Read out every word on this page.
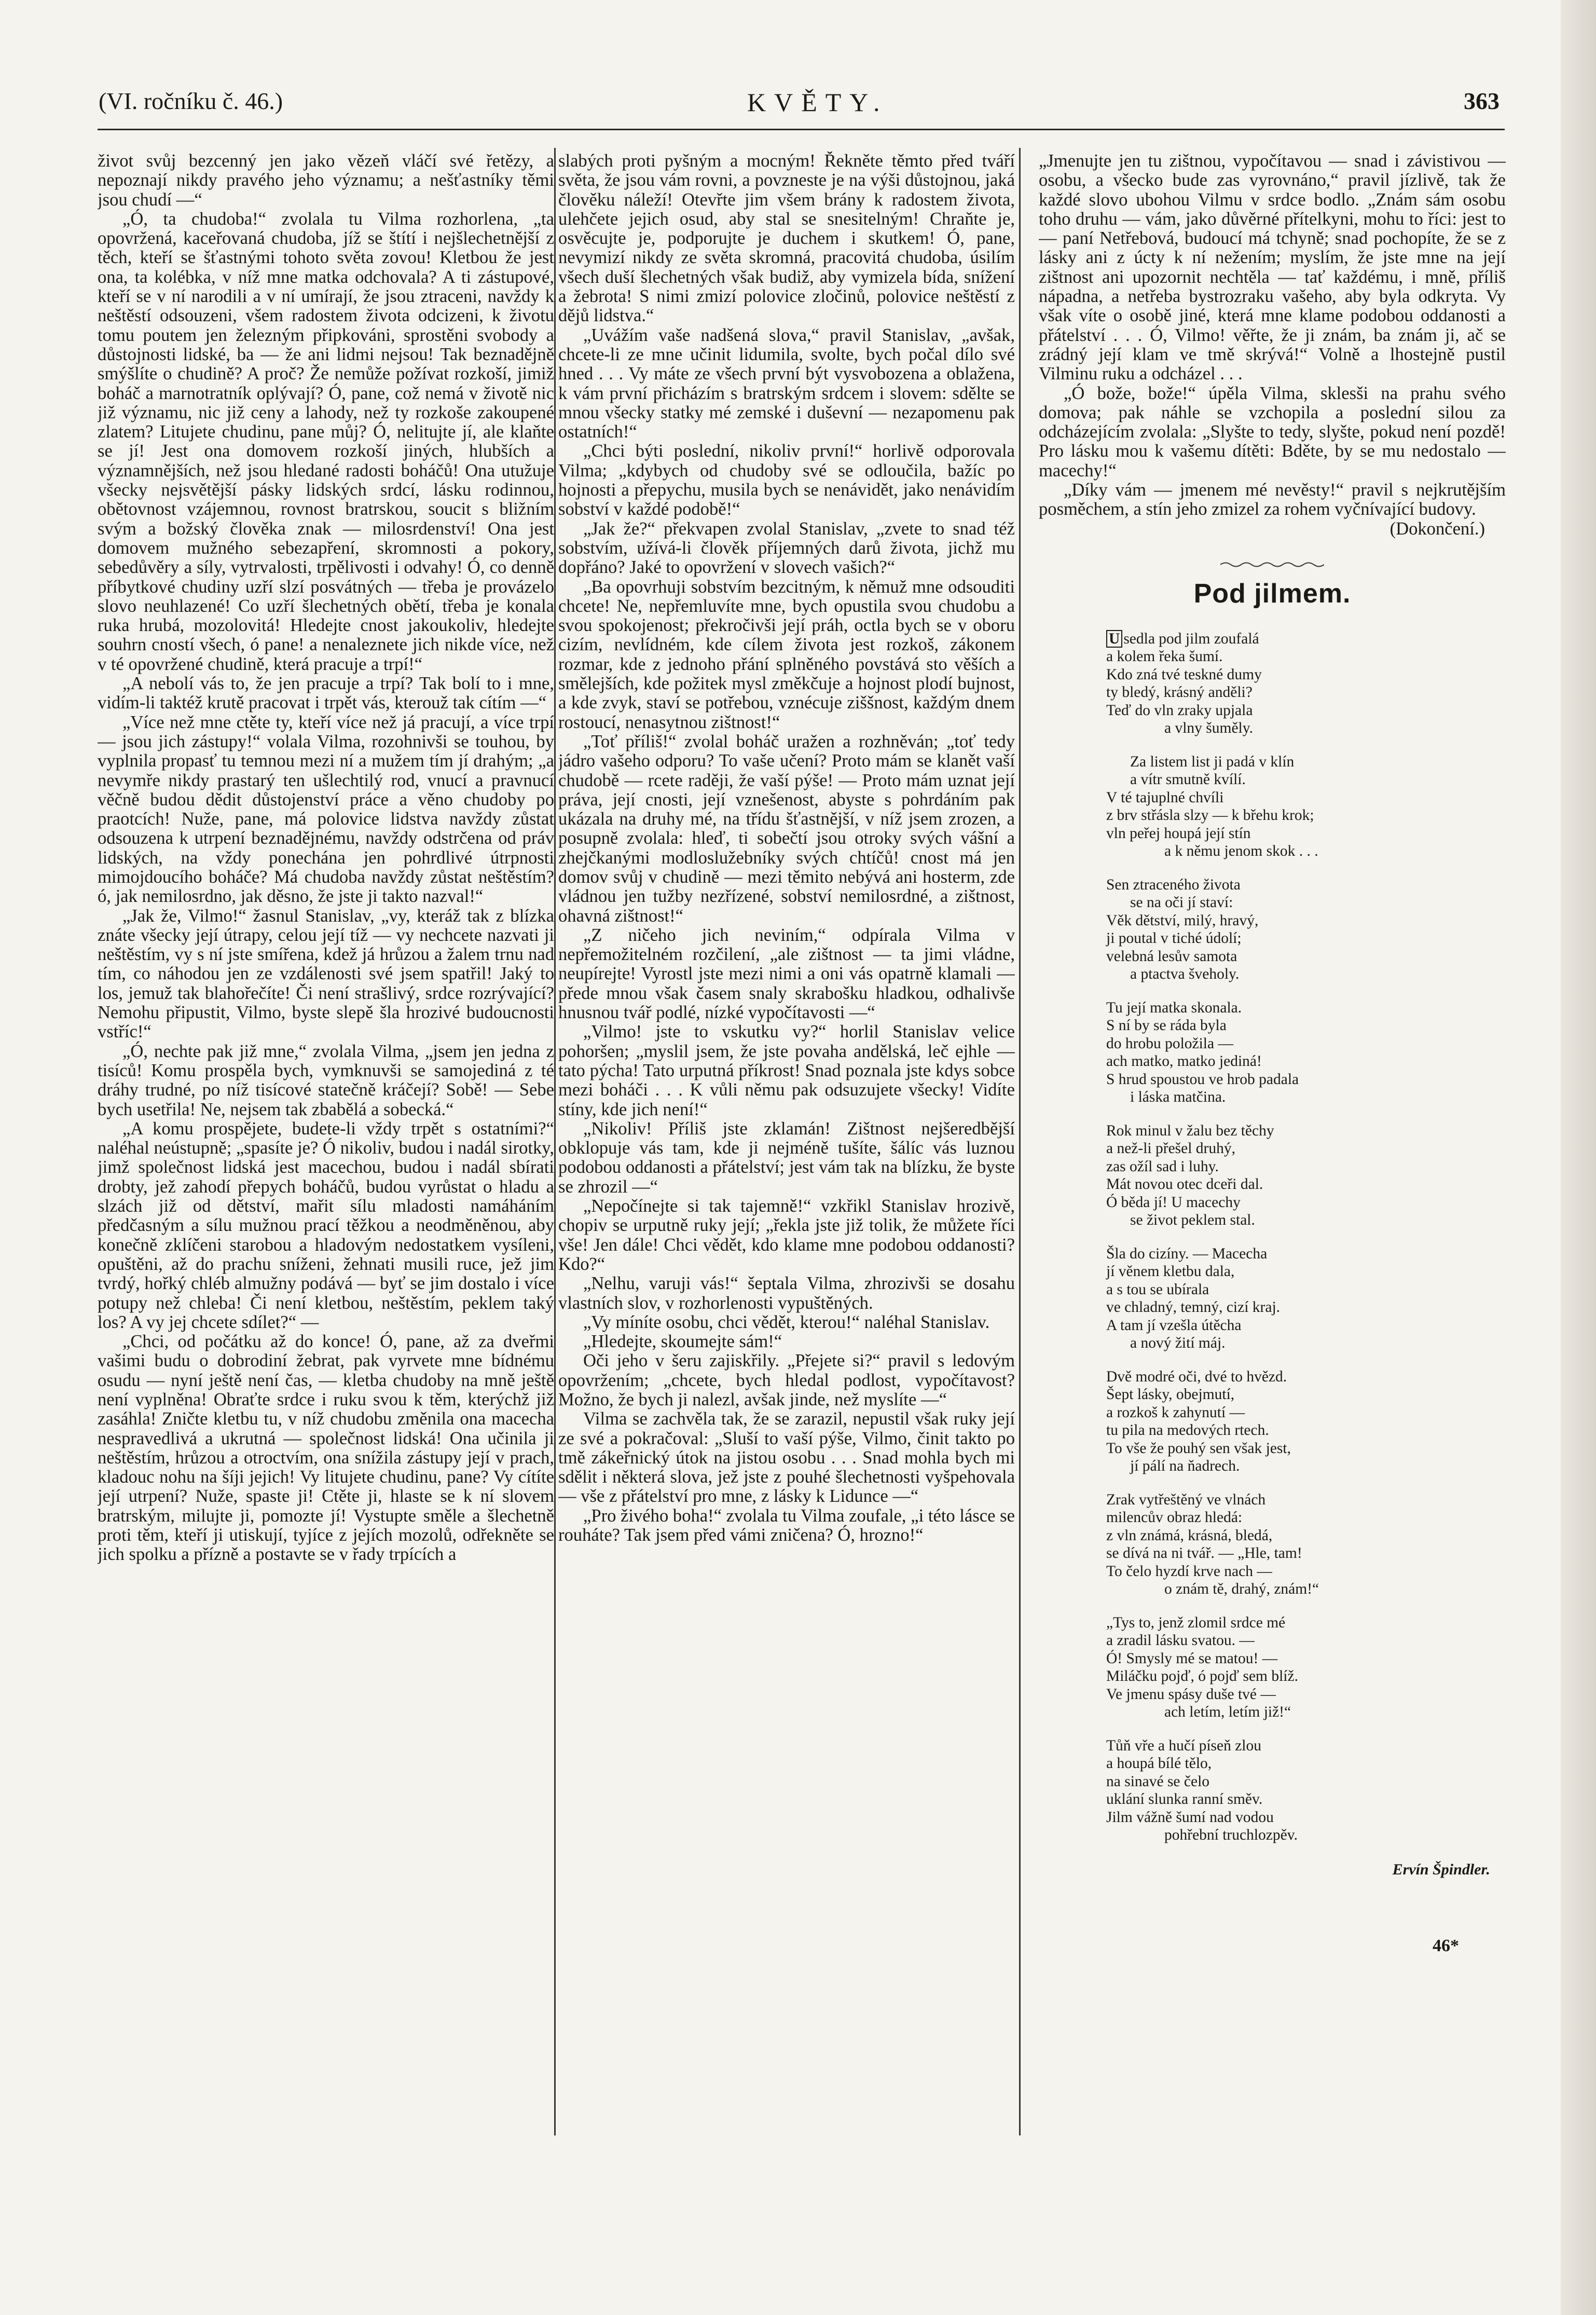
(VI. ročníku č. 46.)	KVĚTY.	363

život svůj bezcenný jen jako vězeň vláčí své řetězy, a nepoznají nikdy pravého jeho významu; a nešťastníky těmi jsou chudí —“

„Ó, ta chudoba!“ zvolala tu Vilma rozhorlena, „ta opovržená, kaceřovaná chudoba, jíž se štítí i nejšlechetnější z těch, kteří se šťastnými tohoto světa zovou! Kletbou že jest ona, ta kolébka, v níž mne matka odchovala? A ti zástupové, kteří se v ní narodili a v ní umírají, že jsou ztraceni, navždy k neštěstí odsouzeni, všem radostem života odcizeni, k životu tomu poutem jen železným připkováni, sprostěni svobody a důstojnosti lidské, ba — že ani lidmi nejsou! Tak beznadějně smýšlíte o chudině? A proč? Že nemůže požívat rozkoší, jimiž boháč a marnotratník oplývají? Ó, pane, což nemá v životě nic již významu, nic již ceny a lahody, než ty rozkoše zakoupené zlatem? Litujete chudinu, pane můj? Ó, nelitujte jí, ale klaňte se jí! Jest ona domovem rozkoší jiných, hlubších a významnějších, než jsou hledané radosti boháčů! Ona utužuje všecky nejsvětější pásky lidských srdcí, lásku rodinnou, obětovnost vzájemnou, rovnost bratrskou, soucit s bližním svým a božský člověka znak — milosrdenství! Ona jest domovem mužného sebezapření, skromnosti a pokory, sebedůvěry a síly, vytrvalosti, trpělivosti i odvahy! Ó, co denně příbytkové chudiny uzří slzí posvátných — třeba je provázelo slovo neuhlazené! Co uzří šlechetných obětí, třeba je konala ruka hrubá, mozolovitá! Hledejte cnost jakoukoliv, hledejte souhrn cností všech, ó pane! a nenaleznete jich nikde více, než v té opovržené chudině, která pracuje a trpí!“

„A nebolí vás to, že jen pracuje a trpí? Tak bolí to i mne, vidím-li taktéž krutě pracovat i trpět vás, kterouž tak cítím —“

„Více než mne ctěte ty, kteří více než já pracují, a více trpí — jsou jich zástupy!“ volala Vilma, rozohnivši se touhou, by vyplnila propasť tu temnou mezi ní a mužem tím jí drahým; „a nevymře nikdy prastarý ten ušlechtilý rod, vnucí a pravnucí věčně budou dědit důstojenství práce a věno chudoby po praotcích! Nuže, pane, má polovice lidstva navždy zůstat odsouzena k utrpení beznadějnému, navždy odstrčena od práv lidských, na vždy ponechána jen pohrdlivé útrpnosti mimojdoucího boháče? Má chudoba navždy zůstat neštěstím? ó, jak nemilosrdno, jak děsno, že jste ji takto nazval!“

„Jak že, Vilmo!“ žasnul Stanislav, „vy, kteráž tak z blízka znáte všecky její útrapy, celou její tíž — vy nechcete nazvati ji neštěstím, vy s ní jste smířena, kdež já hrůzou a žalem trnu nad tím, co náhodou jen ze vzdálenosti své jsem spatřil! Jaký to los, jemuž tak blahořečíte! Či není strašlivý, srdce rozrývající? Nemohu připustit, Vilmo, byste slepě šla hrozivé budoucnosti vstříc!“

„Ó, nechte pak již mne,“ zvolala Vilma, „jsem jen jedna z tisíců! Komu prospěla bych, vymknuvši se samojediná z té dráhy trudné, po níž tisícové statečně kráčejí? Sobě! — Sebe bych usetřila! Ne, nejsem tak zbabělá a sobecká.“

„A komu prospějete, budete-li vždy trpět s ostatními?“ naléhal neústupně; „spasíte je? Ó nikoliv, budou i nadál sirotky, jimž společnost lidská jest macechou, budou i nadál sbírati drobty, jež zahodí přepych boháčů, budou vyrůstat o hladu a slzách již od dětství, mařit sílu mladosti namáháním předčasným a sílu mužnou prací těžkou a neodměněnou, aby konečně zklíčeni starobou a hladovým nedostatkem vysíleni, opuštěni, až do prachu sníženi, žehnati musili ruce, jež jim tvrdý, hořký chléb almužny podává — byť se jim dostalo i více potupy než chleba! Či není kletbou, neštěstím, peklem taký los? A vy jej chcete sdílet?“ —

„Chci, od počátku až do konce! Ó, pane, až za dveřmi vašimi budu o dobrodiní žebrat, pak vyrvete mne bídnému osudu — nyní ještě není čas, — kletba chudoby na mně ještě není vyplněna! Obraťte srdce i ruku svou k těm, kterýchž již zasáhla! Zničte kletbu tu, v níž chudobu změnila ona macecha nespravedlivá a ukrutná — společnost lidská! Ona učinila ji neštěstím, hrůzou a otroctvím, ona snížila zástupy její v prach, kladouc nohu na šíji jejich! Vy litujete chudinu, pane? Vy cítíte její utrpení? Nuže, spaste ji! Ctěte ji, hlaste se k ní slovem bratrským, milujte ji, pomozte jí! Vystupte směle a šlechetně proti těm, kteří ji utiskují, tyjíce z jejích mozolů, odřekněte se jich spolku a přízně a postavte se v řady trpících a

slabých proti pyšným a mocným! Řekněte těmto před tváří světa, že jsou vám rovni, a povzneste je na výši důstojnou, jaká člověku náleží! Otevřte jim všem brány k radostem života, ulehčete jejich osud, aby stal se snesitelným! Chraňte je, osvěcujte je, podporujte je duchem i skutkem! Ó, pane, nevymizí nikdy ze světa skromná, pracovitá chudoba, úsilím všech duší šlechetných však budiž, aby vymizela bída, snížení a žebrota! S nimi zmizí polovice zločinů, polovice neštěstí z dějů lidstva.“

„Uvážím vaše nadšená slova,“ pravil Stanislav, „avšak, chcete-li ze mne učinit lidumila, svolte, bych počal dílo své hned . . . Vy máte ze všech první být vysvobozena a oblažena, k vám první přicházím s bratrským srdcem i slovem: sdělte se mnou všecky statky mé zemské i duševní — nezapomenu pak ostatních!“

„Chci býti poslední, nikoliv první!“ horlivě odporovala Vilma; „kdybych od chudoby své se odloučila, bažíc po hojnosti a přepychu, musila bych se nenávidět, jako nenávidím sobství v každé podobě!“

„Jak že?“ překvapen zvolal Stanislav, „zvete to snad též sobstvím, užívá-li člověk příjemných darů života, jichž mu dopřáno? Jaké to opovržení v slovech vašich?“

„Ba opovrhuji sobstvím bezcitným, k němuž mne odsouditi chcete! Ne, nepřemluvíte mne, bych opustila svou chudobu a svou spokojenost; překročivši její práh, octla bych se v oboru cizím, nevlídném, kde cílem života jest rozkoš, zákonem rozmar, kde z jednoho přání splněného povstává sto věších a smělejších, kde požitek mysl změkčuje a hojnost plodí bujnost, a kde zvyk, staví se potřebou, vznécuje ziššnost, každým dnem rostoucí, nenasytnou zištnost!“

„Toť příliš!“ zvolal boháč uražen a rozhněván; „toť tedy jádro vašeho odporu? To vaše učení? Proto mám se klanět vaší chudobě — rcete raději, že vaší pýše! — Proto mám uznat její práva, její cnosti, její vznešenost, abyste s pohrdáním pak ukázala na druhy mé, na třídu šťastnější, v níž jsem zrozen, a posupně zvolala: hleď, ti sobečtí jsou otroky svých vášní a zhejčkanými modloslužebníky svých chtíčů! cnost má jen domov svůj v chudině — mezi těmito nebývá ani hosterm, zde vládnou jen tužby nezřízené, sobství nemilosrdné, a zištnost, ohavná zištnost!“

„Z ničeho jich neviním,“ odpírala Vilma v nepřemožitelném rozčilení, „ale zištnost — ta jimi vládne, neupírejte! Vyrostl jste mezi nimi a oni vás opatrně klamali — přede mnou však časem snaly skrabošku hladkou, odhalivše hnusnou tvář podlé, nízké vypočítavosti —“

„Vilmo! jste to vskutku vy?“ horlil Stanislav velice pohoršen; „myslil jsem, že jste povaha andělská, leč ejhle — tato pýcha! Tato urputná příkrost! Snad poznala jste kdys sobce mezi boháči . . . K vůli němu pak odsuzujete všecky! Vidíte stíny, kde jich není!“

„Nikoliv! Příliš jste zklamán! Zištnost nejšeredbější obklopuje vás tam, kde ji nejméně tušíte, šálíc vás luznou podobou oddanosti a přátelství; jest vám tak na blízku, že byste se zhrozil —“

„Nepočínejte si tak tajemně!“ vzkřikl Stanislav hrozivě, chopiv se urputně ruky její; „řekla jste již tolik, že můžete říci vše! Jen dále! Chci vědět, kdo klame mne podobou oddanosti? Kdo?“

„Nelhu, varuji vás!“ šeptala Vilma, zhrozivši se dosahu vlastních slov, v rozhorlenosti vypuštěných.

„Vy míníte osobu, chci vědět, kterou!“ naléhal Stanislav.

„Hledejte, skoumejte sám!“

Oči jeho v šeru zajiskřily. „Přejete si?“ pravil s ledovým opovržením; „chcete, bych hledal podlost, vypočítavost? Možno, že bych ji nalezl, avšak jinde, než myslíte —“

Vilma se zachvěla tak, že se zarazil, nepustil však ruky její ze své a pokračoval: „Sluší to vaší pýše, Vilmo, činit takto po tmě zákeřnický útok na jistou osobu . . . Snad mohla bych mi sdělit i některá slova, jež jste z pouhé šlechetnosti vyšpehovala — vše z přátelství pro mne, z lásky k Lidunce —“

„Pro živého boha!“ zvolala tu Vilma zoufale, „i této lásce se rouháte? Tak jsem před vámi zničena? Ó, hrozno!“

„Jmenujte jen tu zištnou, vypočítavou — snad i závistivou — osobu, a všecko bude zas vyrovnáno,“ pravil jízlivě, tak že každé slovo ubohou Vilmu v srdce bodlo. „Znám sám osobu toho druhu — vám, jako důvěrné přítelkyni, mohu to říci: jest to — paní Netřebová, budoucí má tchyně; snad pochopíte, že se z lásky ani z úcty k ní nežením; myslím, že jste mne na její zištnost ani upozornit nechtěla — tať každému, i mně, příliš nápadna, a netřeba bystrozraku vašeho, aby byla odkryta. Vy však víte o osobě jiné, která mne klame podobou oddanosti a přátelství . . . Ó, Vilmo! věřte, že ji znám, ba znám ji, ač se zrádný její klam ve tmě skrývá!“ Volně a lhostejně pustil Vilminu ruku a odcházel . . .

„Ó bože, bože!“ úpěla Vilma, sklesši na prahu svého domova; pak náhle se vzchopila a poslední silou za odcházejícím zvolala: „Slyšte to tedy, slyšte, pokud není pozdě! Pro lásku mou k vašemu dítěti: Bděte, by se mu nedostalo — macechy!“

„Díky vám — jmenem mé nevěsty!“ pravil s nejkrutějším posměchem, a stín jeho zmizel za rohem vyčnívající budovy.

(Dokončení.)
Pod jilmem.
U sedla pod jilm zoufalá
a kolem řeka šumí.
Kdo zná tvé teskné dumy
ty bledý, krásný anděli?
Teď do vln zraky upjala
a vlny šuměly.
Za listem list ji padá v klín
a vítr smutně kvílí.
V té tajuplné chvíli
z brv střásla slzy — k břehu krok;
vln peřej houpá její stín
a k němu jenom skok . . .
Sen ztraceného života
se na oči jí staví:
Věk dětství, milý, hravý,
ji poutal v tiché údolí;
velebná lesův samota
a ptactva šveholy.
Tu její matka skonala.
S ní by se ráda byla
do hrobu položila —
ach matko, matko jediná!
S hrud spoustou ve hrob padala
i láska matčina.
Rok minul v žalu bez těchy
a než-li přešel druhý,
zas oží‌l sad i luhy.
Mát novou otec dceři dal.
Ó běda jí! U macechy
se život peklem stal.
Šla do cizíny. — Macecha
jí věnem kletbu dala,
a s tou se ubírala
ve chladný, temný, cizí kraj.
A tam jí vzešla útěcha
a nový žití máj.
Dvě modré oči, dvé to hvězd.
Šept lásky, obejmutí,
a rozkoš k zahynutí —
tu pila na medových rtech.
To vše že pouhý sen však jest,
jí pálí na ňadrech.
Zrak vytřeštěný ve vlnách
milencův obraz hledá:
z vln známá, krásná, bledá,
se dívá na ni tvář. — „Hle, tam!
To čelo hyzdí krve nach —
o znám tě, drahý, znám!“
„Tys to, jenž zlomil srdce mé
a zradil lásku svatou. —
Ó! Smysly mé se matou! —
Miláčku pojď, ó pojď sem blíž.
Ve jmenu spásy duše tvé —
ach letím, letím již!“
Tůň vře a hučí píseň zlou
a houpá bílé tělo,
na sinavé se čelo
uklání slunka ranní směv.
Jilm vážně šumí nad vodou
pohřební truchlozpěv.
Ervín Špindler.
46*
